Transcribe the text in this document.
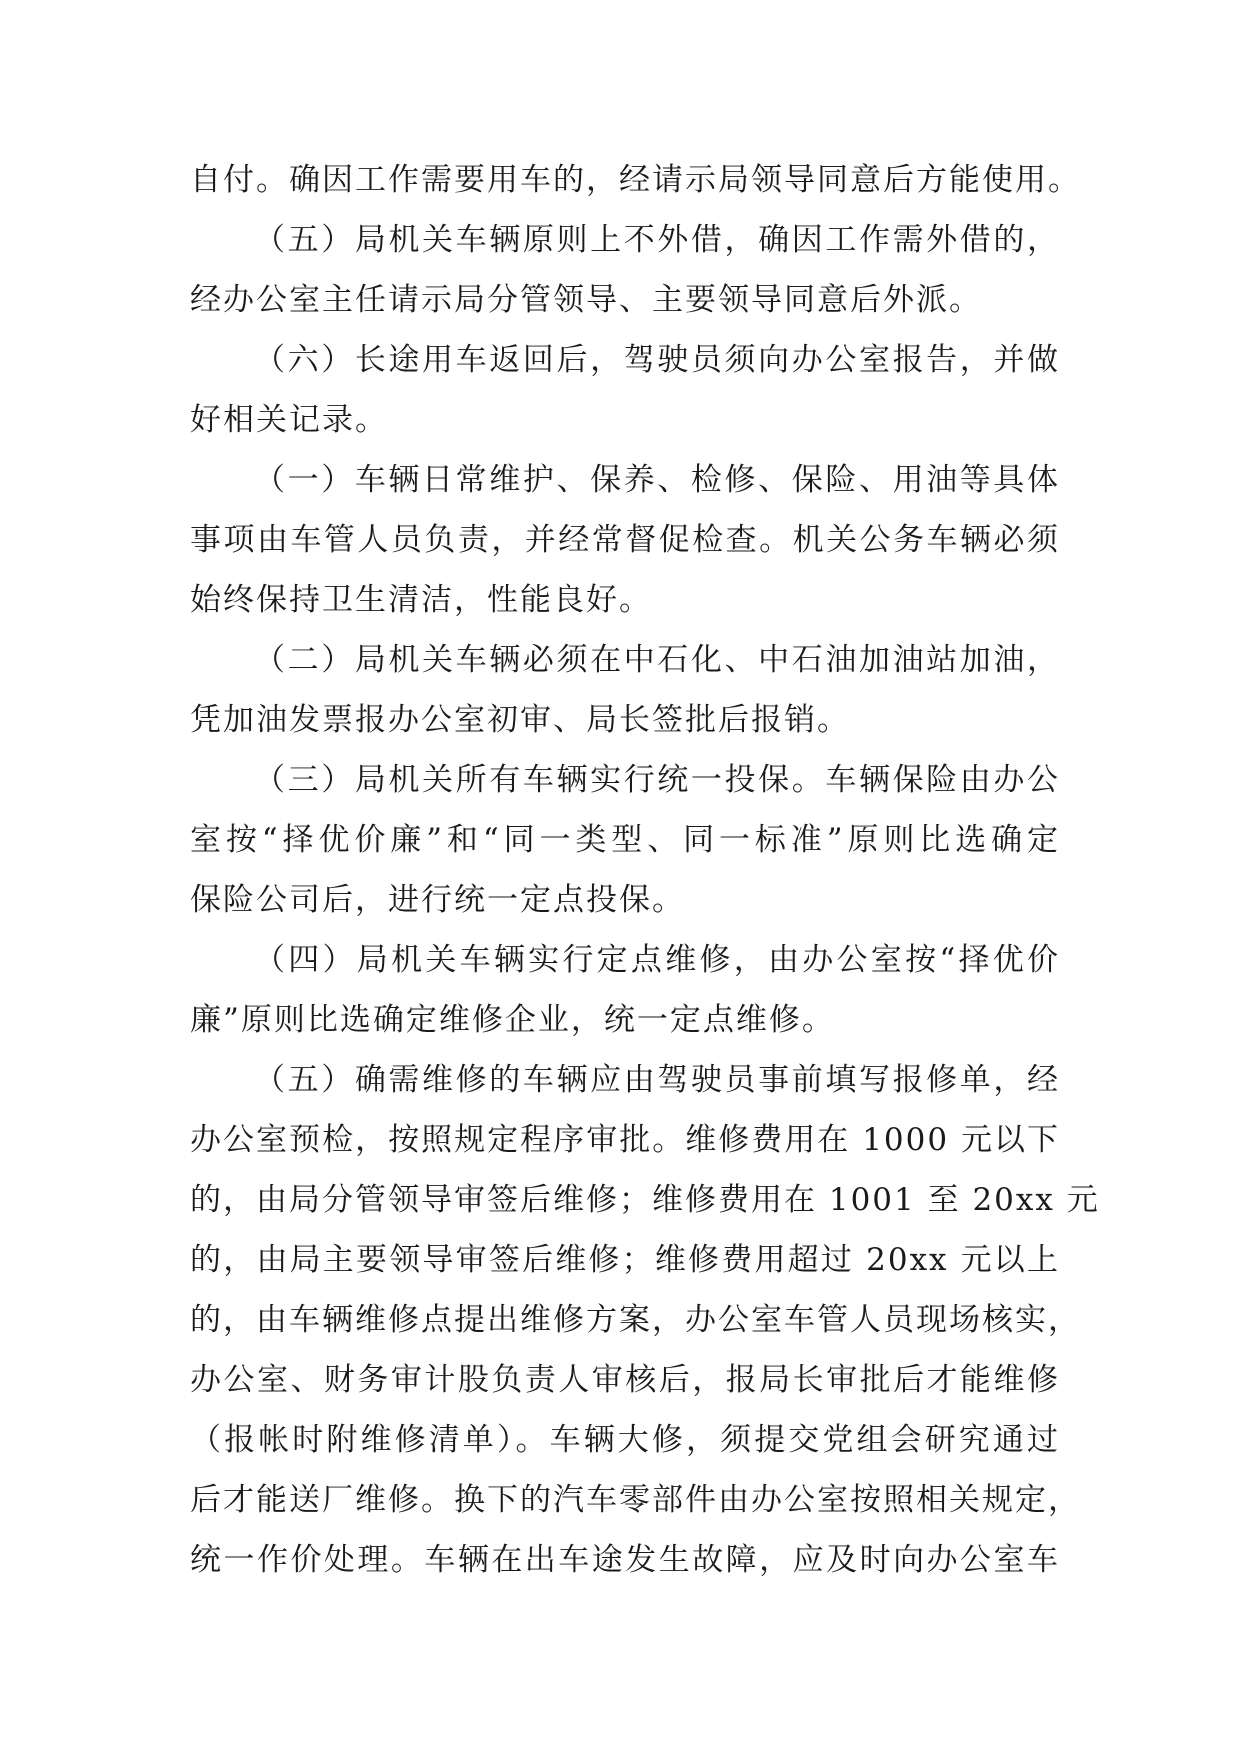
自付。确因工作需要用车的，经请示局领导同意后方能使用。
（五）局机关车辆原则上不外借，确因工作需外借的，
经办公室主任请示局分管领导、主要领导同意后外派。
（六）长途用车返回后，驾驶员须向办公室报告，并做
好相关记录。
（一）车辆日常维护、保养、检修、保险、用油等具体
事项由车管人员负责，并经常督促检查。机关公务车辆必须
始终保持卫生清洁，性能良好。
（二）局机关车辆必须在中石化、中石油加油站加油，
凭加油发票报办公室初审、局长签批后报销。
（三）局机关所有车辆实行统一投保。车辆保险由办公
室按“择优价廉”和“同一类型、同一标准”原则比选确定
保险公司后，进行统一定点投保。
（四）局机关车辆实行定点维修，由办公室按“择优价
廉”原则比选确定维修企业，统一定点维修。
（五）确需维修的车辆应由驾驶员事前填写报修单，经
办公室预检，按照规定程序审批。维修费用在 1000 元以下
的，由局分管领导审签后维修；维修费用在 1001 至 20xx 元
的，由局主要领导审签后维修；维修费用超过 20xx 元以上
的，由车辆维修点提出维修方案，办公室车管人员现场核实，
办公室、财务审计股负责人审核后，报局长审批后才能维修
（报帐时附维修清单）。车辆大修，须提交党组会研究通过
后才能送厂维修。换下的汽车零部件由办公室按照相关规定，
统一作价处理。车辆在出车途发生故障，应及时向办公室车
